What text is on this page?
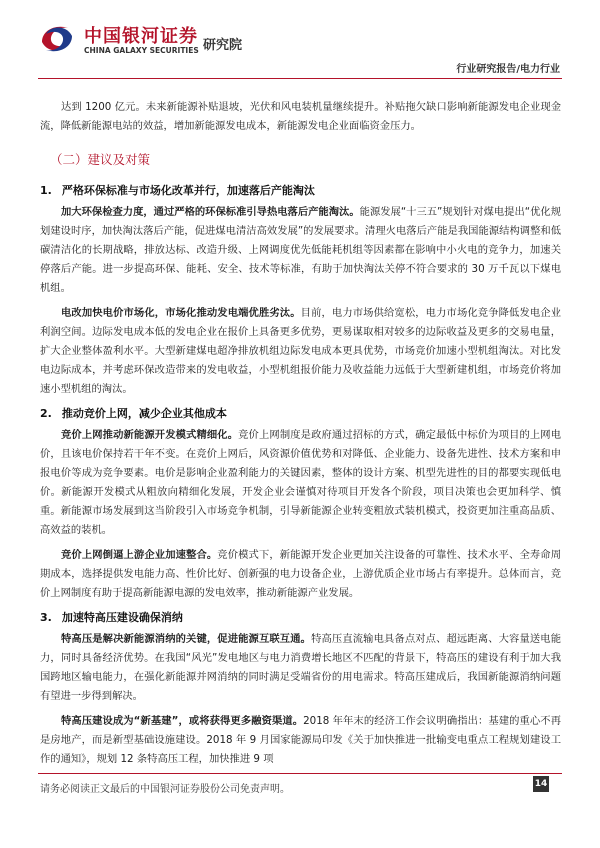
中国银河证券
CHINA GALAXY SECURITIES 研究院
行业研究报告/电力行业

达到 1200 亿元。未来新能源补贴退坡，光伏和风电装机量继续提升。补贴拖欠缺口影响新能源发电企业现金流，降低新能源电站的效益，增加新能源发电成本，新能源发电企业面临资金压力。

（二）建议及对策
1. 严格环保标准与市场化改革并行，加速落后产能淘汰

加大环保检查力度，通过严格的环保标准引导热电落后产能淘汰。能源发展“十三五”规划针对煤电提出“优化规划建设时序，加快淘汰落后产能，促进煤电清洁高效发展”的发展要求。清理火电落后产能是我国能源结构调整和低碳清洁化的长期战略，排放达标、改造升级、上网调度优先低能耗机组等因素都在影响中小火电的竞争力，加速关停落后产能。进一步提高环保、能耗、安全、技术等标准，有助于加快淘汰关停不符合要求的 30 万千瓦以下煤电机组。

电改加快电价市场化，市场化推动发电端优胜劣汰。目前，电力市场供给宽松，电力市场化竞争降低发电企业利润空间。边际发电成本低的发电企业在报价上具备更多优势，更易谋取相对较多的边际收益及更多的交易电量，扩大企业整体盈利水平。大型新建煤电超净排放机组边际发电成本更具优势，市场竞价加速小型机组淘汰。对比发电边际成本，并考虑环保改造带来的发电收益，小型机组报价能力及收益能力远低于大型新建机组，市场竞价将加速小型机组的淘汰。

2. 推动竞价上网，减少企业其他成本

竞价上网推动新能源开发模式精细化。竞价上网制度是政府通过招标的方式，确定最低中标价为项目的上网电价，且该电价保持若干年不变。在竞价上网后，风资源价值优势和对降低、企业能力、设备先进性、技术方案和申报电价等成为竞争要素。电价是影响企业盈利能力的关键因素，整体的设计方案、机型先进性的目的都要实现低电价。新能源开发模式从粗放向精细化发展，开发企业会谨慎对待项目开发各个阶段，项目决策也会更加科学、慎重。新能源市场发展到这当阶段引入市场竞争机制，引导新能源企业转变粗放式装机模式，投资更加注重高品质、高效益的装机。

竞价上网倒逼上游企业加速整合。竞价模式下，新能源开发企业更加关注设备的可靠性、技术水平、全寿命周期成本，选择提供发电能力高、性价比好、创新强的电力设备企业，上游优质企业市场占有率提升。总体而言，竞价上网制度有助于提高新能源电源的发电效率，推动新能源产业发展。

3. 加速特高压建设确保消纳

特高压是解决新能源消纳的关键，促进能源互联互通。特高压直流输电具备点对点、超远距离、大容量送电能力，同时具备经济优势。在我国“风光”发电地区与电力消费增长地区不匹配的背景下，特高压的建设有利于加大我国跨地区输电能力，在强化新能源并网消纳的同时满足受端省份的用电需求。特高压建成后，我国新能源消纳问题有望进一步得到解决。

特高压建设成为“新基建”，或将获得更多融资渠道。2018 年年末的经济工作会议明确指出：基建的重心不再是房地产，而是新型基础设施建设。2018 年 9 月国家能源局印发《关于加快推进一批输变电重点工程规划建设工作的通知》，规划 12 条特高压工程，加快推进 9 项

请务必阅读正文最后的中国银河证券股份公司免责声明。	14
